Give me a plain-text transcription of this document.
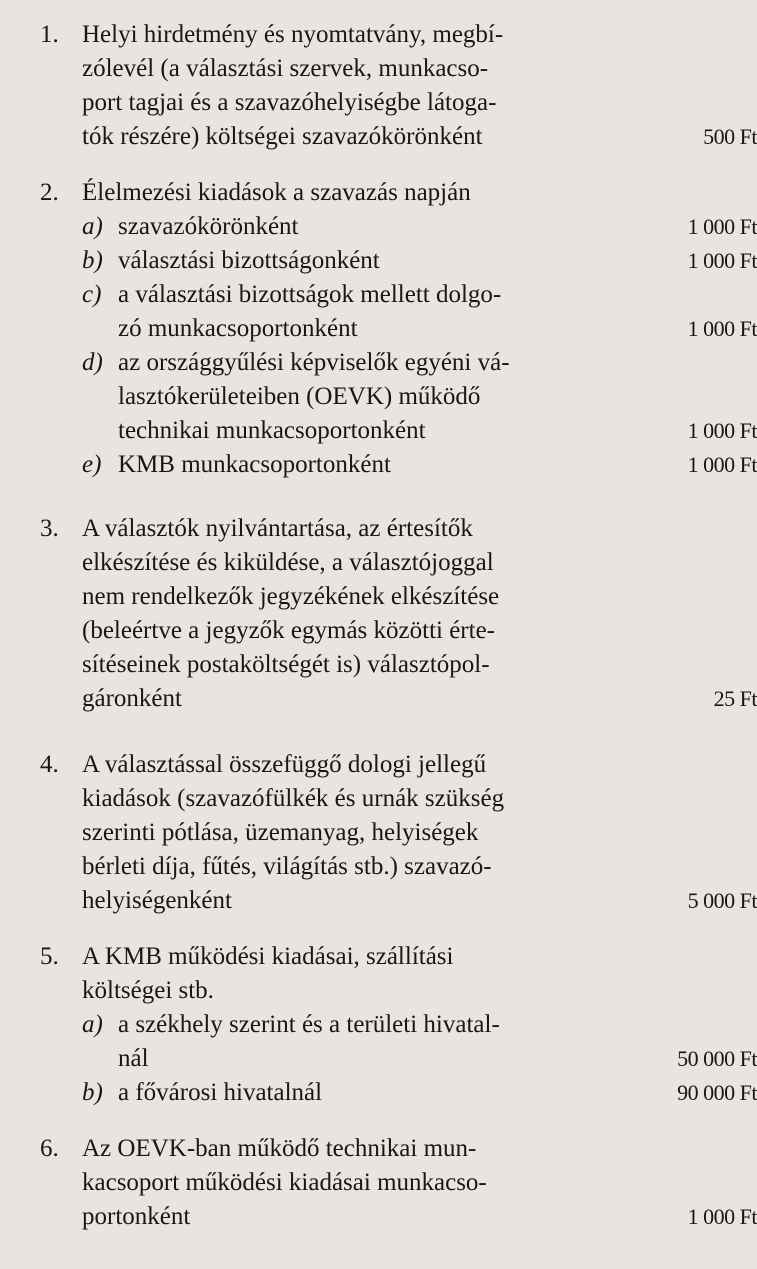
1. Helyi hirdetmény és nyomtatvány, megbí-
zólevél (a választási szervek, munkacso-
port tagjai és a szavazóhelyiségbe látoga-
tók részére) költségei szavazókörönként	500 Ft
2. Élelmezési kiadások a szavazás napján
a) szavazókörönként	1 000 Ft
b) választási bizottságonként	1 000 Ft
c) a választási bizottságok mellett dolgo-
zó munkacsoportonként	1 000 Ft
d) az országgyűlési képviselők egyéni vá-
lasztókerületeiben (OEVK) működő
technikai munkacsoportonként	1 000 Ft
e) KMB munkacsoportonként	1 000 Ft
3. A választók nyilvántartása, az értesítők
elkészítése és kiküldése, a választójoggal
nem rendelkezők jegyzékének elkészítése
(beleértve a jegyzők egymás közötti érte-
sítéseinek postaköltségét is) választópol-
gáronként	25 Ft
4. A választással összefüggő dologi jellegű
kiadások (szavazófülkék és urnák szükség
szerinti pótlása, üzemanyag, helyiségek
bérleti díja, fűtés, világítás stb.) szavazó-
helyiségenként	5 000 Ft
5. A KMB működési kiadásai, szállítási
költségei stb.
a) a székhely szerint és a területi hivatal-
nál	50 000 Ft
b) a fővárosi hivatalnál	90 000 Ft
6. Az OEVK-ban működő technikai mun-
kacsoport működési kiadásai munkacso-
portonként	1 000 Ft
